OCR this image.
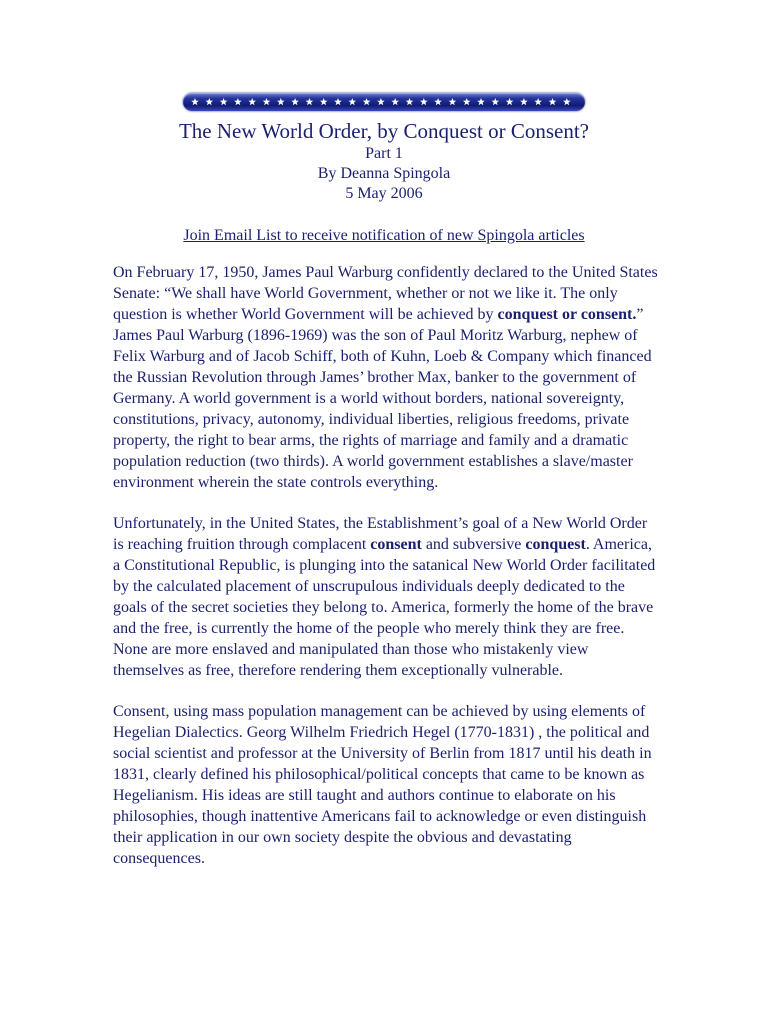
The New World Order, by Conquest or Consent?

Part 1

By Deanna Spingola

5 May 2006

Join Email List to receive notification of new Spingola articles

On February 17, 1950, James Paul Warburg confidently declared to the United States Senate: “We shall have World Government, whether or not we like it. The only question is whether World Government will be achieved by conquest or consent.” James Paul Warburg (1896-1969) was the son of Paul Moritz Warburg, nephew of Felix Warburg and of Jacob Schiff, both of Kuhn, Loeb & Company which financed the Russian Revolution through James’ brother Max, banker to the government of Germany. A world government is a world without borders, national sovereignty, constitutions, privacy, autonomy, individual liberties, religious freedoms, private property, the right to bear arms, the rights of marriage and family and a dramatic population reduction (two thirds). A world government establishes a slave/master environment wherein the state controls everything.

Unfortunately, in the United States, the Establishment’s goal of a New World Order is reaching fruition through complacent consent and subversive conquest. America, a Constitutional Republic, is plunging into the satanical New World Order facilitated by the calculated placement of unscrupulous individuals deeply dedicated to the goals of the secret societies they belong to. America, formerly the home of the brave and the free, is currently the home of the people who merely think they are free. None are more enslaved and manipulated than those who mistakenly view themselves as free, therefore rendering them exceptionally vulnerable.

Consent, using mass population management can be achieved by using elements of Hegelian Dialectics. Georg Wilhelm Friedrich Hegel (1770-1831) , the political and social scientist and professor at the University of Berlin from 1817 until his death in 1831, clearly defined his philosophical/political concepts that came to be known as Hegelianism. His ideas are still taught and authors continue to elaborate on his philosophies, though inattentive Americans fail to acknowledge or even distinguish their application in our own society despite the obvious and devastating consequences.
